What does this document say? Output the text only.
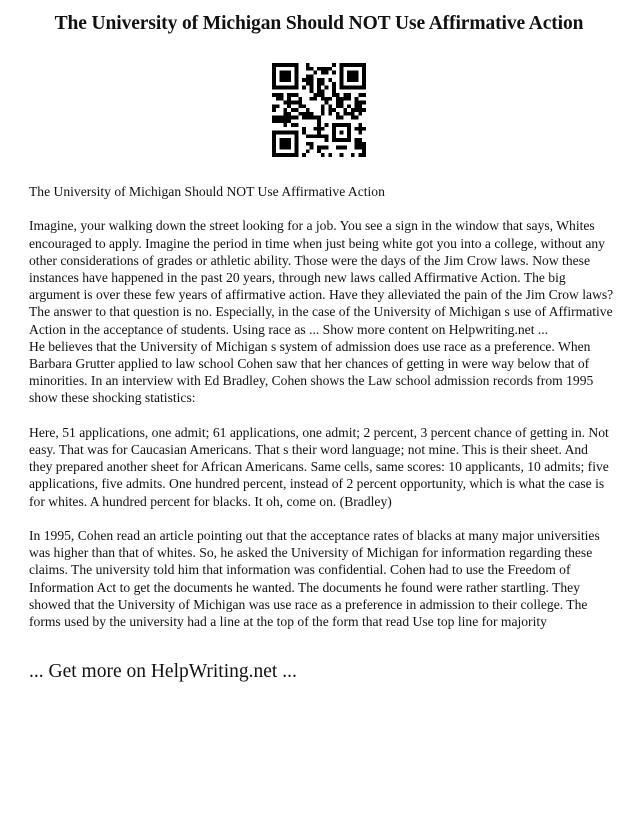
The University of Michigan Should NOT Use Affirmative Action

The University of Michigan Should NOT Use Affirmative Action

Imagine, your walking down the street looking for a job. You see a sign in the window that says, Whites encouraged to apply. Imagine the period in time when just being white got you into a college, without any other considerations of grades or athletic ability. Those were the days of the Jim Crow laws. Now these instances have happened in the past 20 years, through new laws called Affirmative Action. The big argument is over these few years of affirmative action. Have they alleviated the pain of the Jim Crow laws? The answer to that question is no. Especially, in the case of the University of Michigan s use of Affirmative Action in the acceptance of students. Using race as ... Show more content on Helpwriting.net ...

He believes that the University of Michigan s system of admission does use race as a preference. When Barbara Grutter applied to law school Cohen saw that her chances of getting in were way below that of minorities. In an interview with Ed Bradley, Cohen shows the Law school admission records from 1995 show these shocking statistics:

Here, 51 applications, one admit; 61 applications, one admit; 2 percent, 3 percent chance of getting in. Not easy. That was for Caucasian Americans. That s their word language; not mine. This is their sheet. And they prepared another sheet for African Americans. Same cells, same scores: 10 applicants, 10 admits; five applications, five admits. One hundred percent, instead of 2 percent opportunity, which is what the case is for whites. A hundred percent for blacks. It oh, come on. (Bradley)

In 1995, Cohen read an article pointing out that the acceptance rates of blacks at many major universities was higher than that of whites. So, he asked the University of Michigan for information regarding these claims. The university told him that information was confidential. Cohen had to use the Freedom of Information Act to get the documents he wanted. The documents he found were rather startling. They showed that the University of Michigan was use race as a preference in admission to their college. The forms used by the university had a line at the top of the form that read Use top line for majority

... Get more on HelpWriting.net ...
